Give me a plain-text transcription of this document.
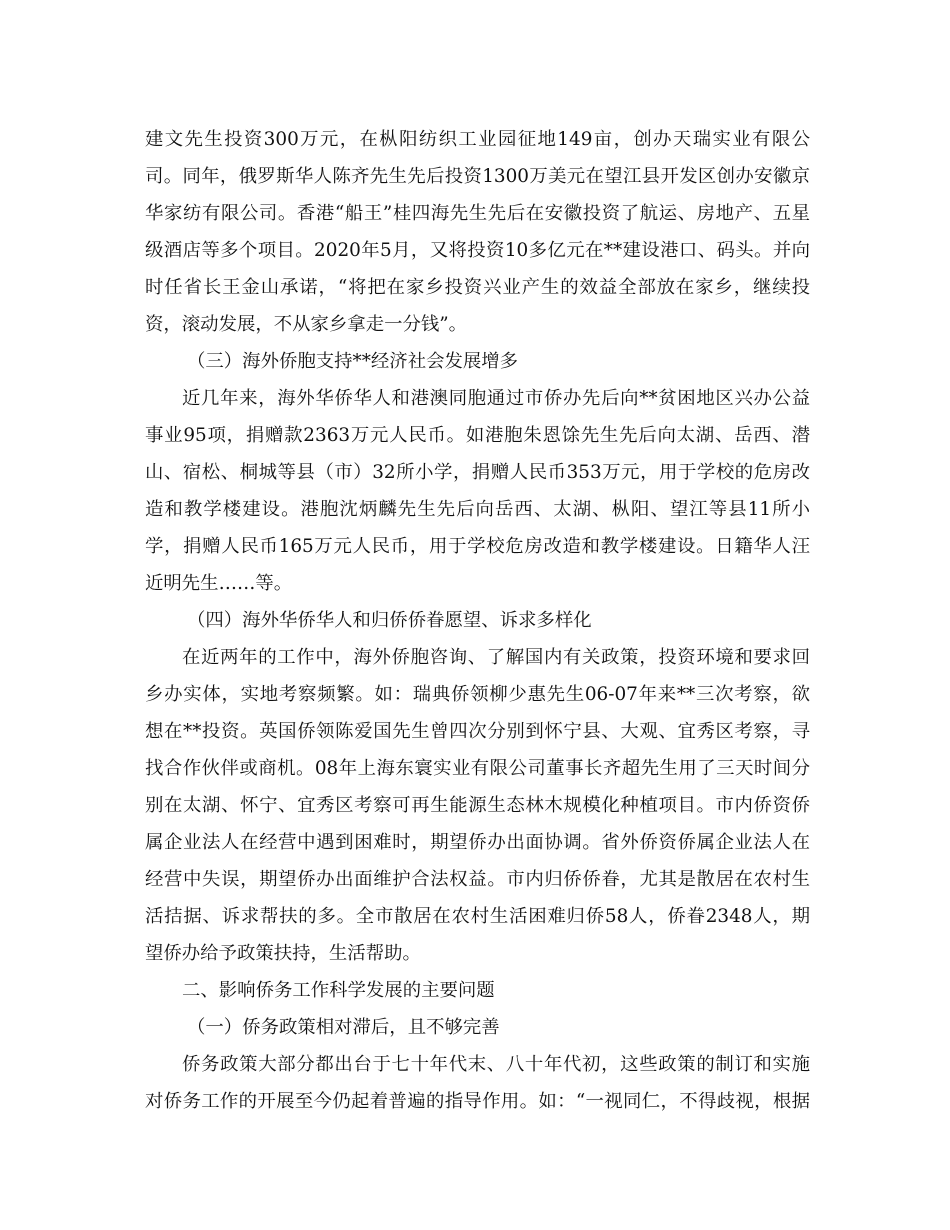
建文先生投资300万元，在枞阳纺织工业园征地149亩，创办天瑞实业有限公
司。同年，俄罗斯华人陈齐先生先后投资1300万美元在望江县开发区创办安徽京
华家纺有限公司。香港“船王”桂四海先生先后在安徽投资了航运、房地产、五星
级酒店等多个项目。2020年5月，又将投资10多亿元在**建设港口、码头。并向
时任省长王金山承诺，“将把在家乡投资兴业产生的效益全部放在家乡，继续投
资，滚动发展，不从家乡拿走一分钱”。
（三）海外侨胞支持**经济社会发展增多
近几年来，海外华侨华人和港澳同胞通过市侨办先后向**贫困地区兴办公益
事业95项，捐赠款2363万元人民币。如港胞朱恩馀先生先后向太湖、岳西、潜
山、宿松、桐城等县（市）32所小学，捐赠人民币353万元，用于学校的危房改
造和教学楼建设。港胞沈炳麟先生先后向岳西、太湖、枞阳、望江等县11所小
学，捐赠人民币165万元人民币，用于学校危房改造和教学楼建设。日籍华人汪
近明先生……等。
（四）海外华侨华人和归侨侨眷愿望、诉求多样化
在近两年的工作中，海外侨胞咨询、了解国内有关政策，投资环境和要求回
乡办实体，实地考察频繁。如：瑞典侨领柳少惠先生06-07年来**三次考察，欲
想在**投资。英国侨领陈爱国先生曾四次分别到怀宁县、大观、宜秀区考察，寻
找合作伙伴或商机。08年上海东寰实业有限公司董事长齐超先生用了三天时间分
别在太湖、怀宁、宜秀区考察可再生能源生态林木规模化种植项目。市内侨资侨
属企业法人在经营中遇到困难时，期望侨办出面协调。省外侨资侨属企业法人在
经营中失误，期望侨办出面维护合法权益。市内归侨侨眷，尤其是散居在农村生
活拮据、诉求帮扶的多。全市散居在农村生活困难归侨58人，侨眷2348人，期
望侨办给予政策扶持，生活帮助。
二、影响侨务工作科学发展的主要问题
（一）侨务政策相对滞后，且不够完善
侨务政策大部分都出台于七十年代末、八十年代初，这些政策的制订和实施
对侨务工作的开展至今仍起着普遍的指导作用。如：“一视同仁，不得歧视，根据
